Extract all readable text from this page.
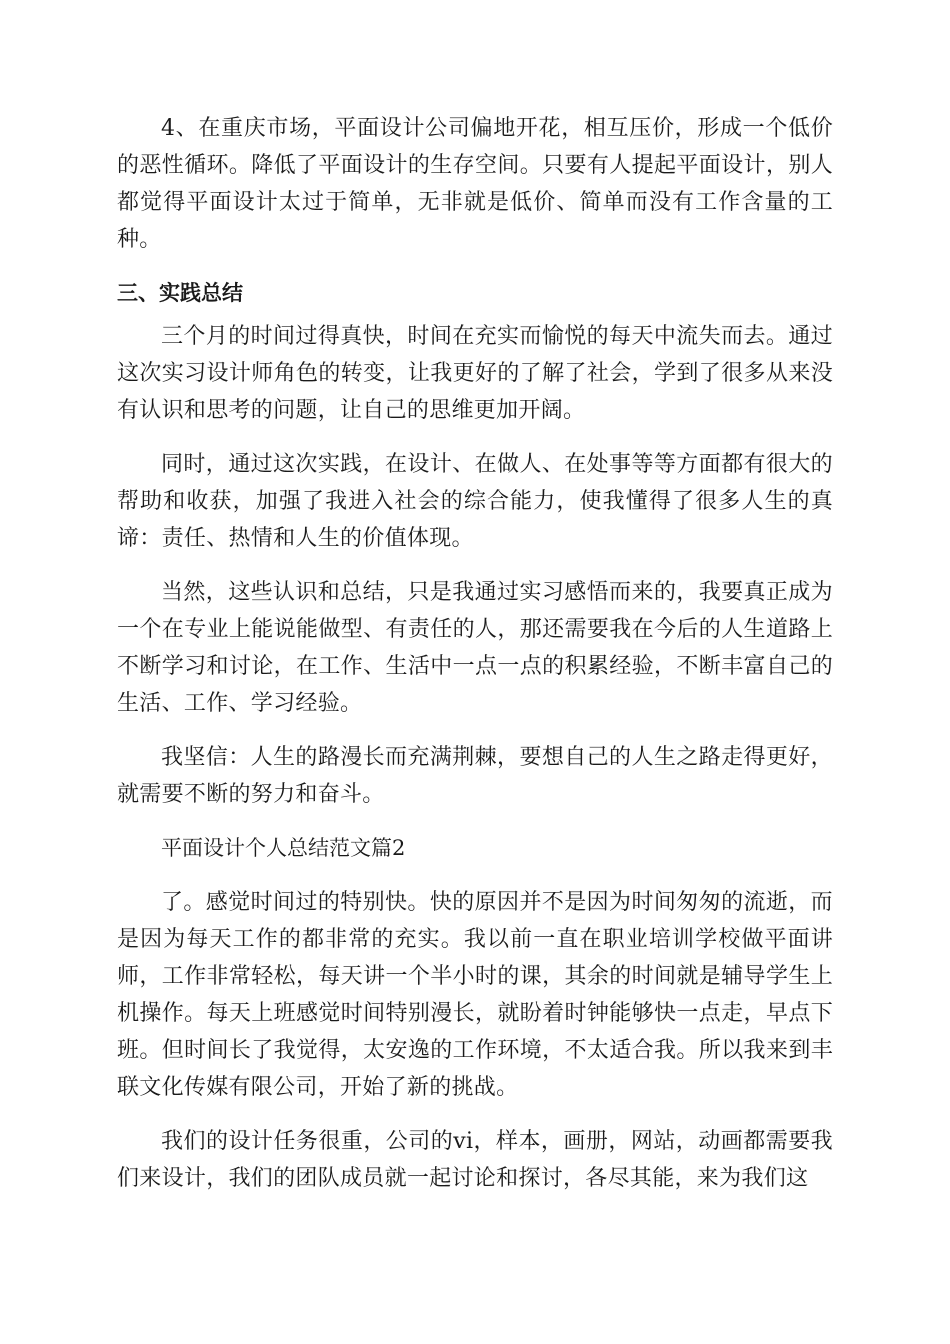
4、在重庆市场，平面设计公司偏地开花，相互压价，形成一个低价的恶性循环。降低了平面设计的生存空间。只要有人提起平面设计，别人都觉得平面设计太过于简单，无非就是低价、简单而没有工作含量的工种。

三、实践总结

三个月的时间过得真快，时间在充实而愉悦的每天中流失而去。通过这次实习设计师角色的转变，让我更好的了解了社会，学到了很多从来没有认识和思考的问题，让自己的思维更加开阔。

同时，通过这次实践，在设计、在做人、在处事等等方面都有很大的帮助和收获，加强了我进入社会的综合能力，使我懂得了很多人生的真谛：责任、热情和人生的价值体现。

当然，这些认识和总结，只是我通过实习感悟而来的，我要真正成为一个在专业上能说能做型、有责任的人，那还需要我在今后的人生道路上不断学习和讨论，在工作、生活中一点一点的积累经验，不断丰富自己的生活、工作、学习经验。

我坚信：人生的路漫长而充满荆棘，要想自己的人生之路走得更好，就需要不断的努力和奋斗。

平面设计个人总结范文篇2

了。感觉时间过的特别快。快的原因并不是因为时间匆匆的流逝，而是因为每天工作的都非常的充实。我以前一直在职业培训学校做平面讲师，工作非常轻松，每天讲一个半小时的课，其余的时间就是辅导学生上机操作。每天上班感觉时间特别漫长，就盼着时钟能够快一点走，早点下班。但时间长了我觉得，太安逸的工作环境，不太适合我。所以我来到丰联文化传媒有限公司，开始了新的挑战。

我们的设计任务很重，公司的vi，样本，画册，网站，动画都需要我们来设计，我们的团队成员就一起讨论和探讨，各尽其能，来为我们这
